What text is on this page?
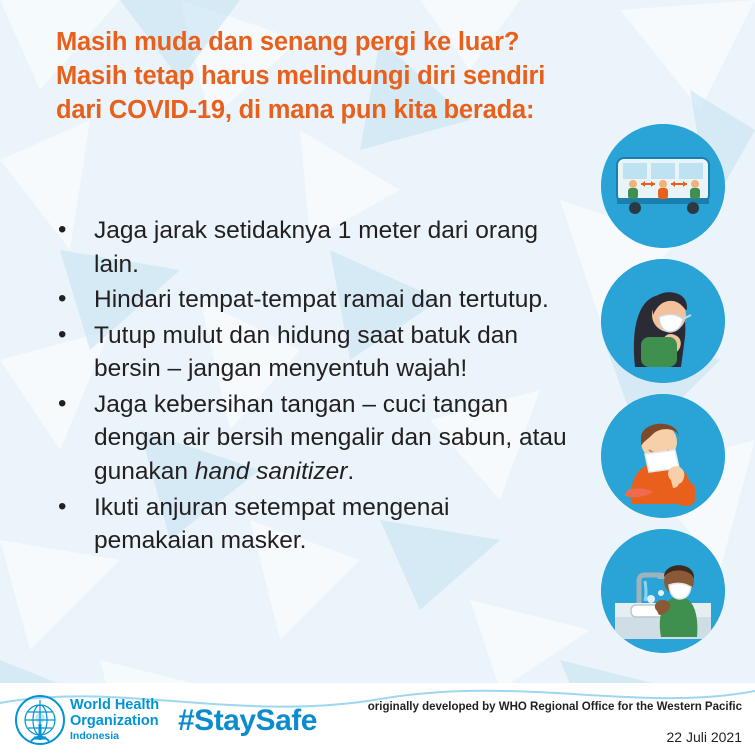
Masih muda dan senang pergi ke luar? Masih tetap harus melindungi diri sendiri dari COVID-19, di mana pun kita berada:
• Jaga jarak setidaknya 1 meter dari orang lain.
• Hindari tempat-tempat ramai dan tertutup.
• Tutup mulut dan hidung saat batuk dan bersin – jangan menyentuh wajah!
• Jaga kebersihan tangan – cuci tangan dengan air bersih mengalir dan sabun, atau gunakan hand sanitizer.
• Ikuti anjuran setempat mengenai pemakaian masker.
World Health
Organization
Indonesia	#StaySafe	originally developed by WHO Regional Office for the Western Pacific
22 Juli 2021
